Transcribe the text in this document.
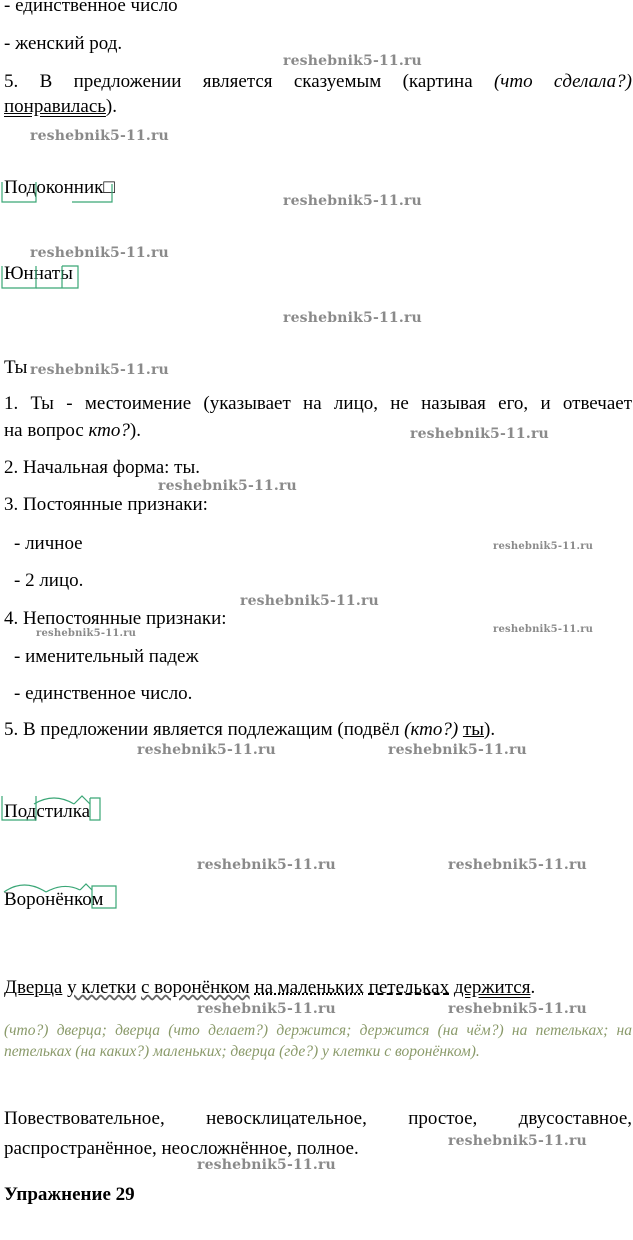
- единственное число
- женский род.
5. В предложении является сказуемым (картина (что сделала?)
понравилась).
Подоконник□
Юннаты
Ты
1. Ты - местоимение (указывает на лицо, не называя его, и отвечает
на вопрос кто?).
2. Начальная форма: ты.
3. Постоянные признаки:
- личное
- 2 лицо.
4. Непостоянные признаки:
- именительный падеж
- единственное число.
5. В предложении является подлежащим (подвёл (кто?) ты).
Подстилка
Воронёнком
Дверца у клетки с воронёнком на маленьких петельках держится.
(что?) дверца; дверца (что делает?) держится; держится (на чём?) на петельках; на петельках (на каких?) маленьких; дверца (где?) у клетки с воронёнком).
Повествовательное, невосклицательное, простое, двусоставное,
распространённое, неосложнённое, полное.
Упражнение 29
reshebnik5-11.ru
reshebnik5-11.ru
reshebnik5-11.ru
reshebnik5-11.ru
reshebnik5-11.ru
reshebnik5-11.ru
reshebnik5-11.ru
reshebnik5-11.ru
reshebnik5-11.ru
reshebnik5-11.ru
reshebnik5-11.ru
reshebnik5-11.ru
reshebnik5-11.ru	reshebnik5-11.ru
reshebnik5-11.ru	reshebnik5-11.ru
reshebnik5-11.ru	reshebnik5-11.ru
reshebnik5-11.ru
reshebnik5-11.ru
